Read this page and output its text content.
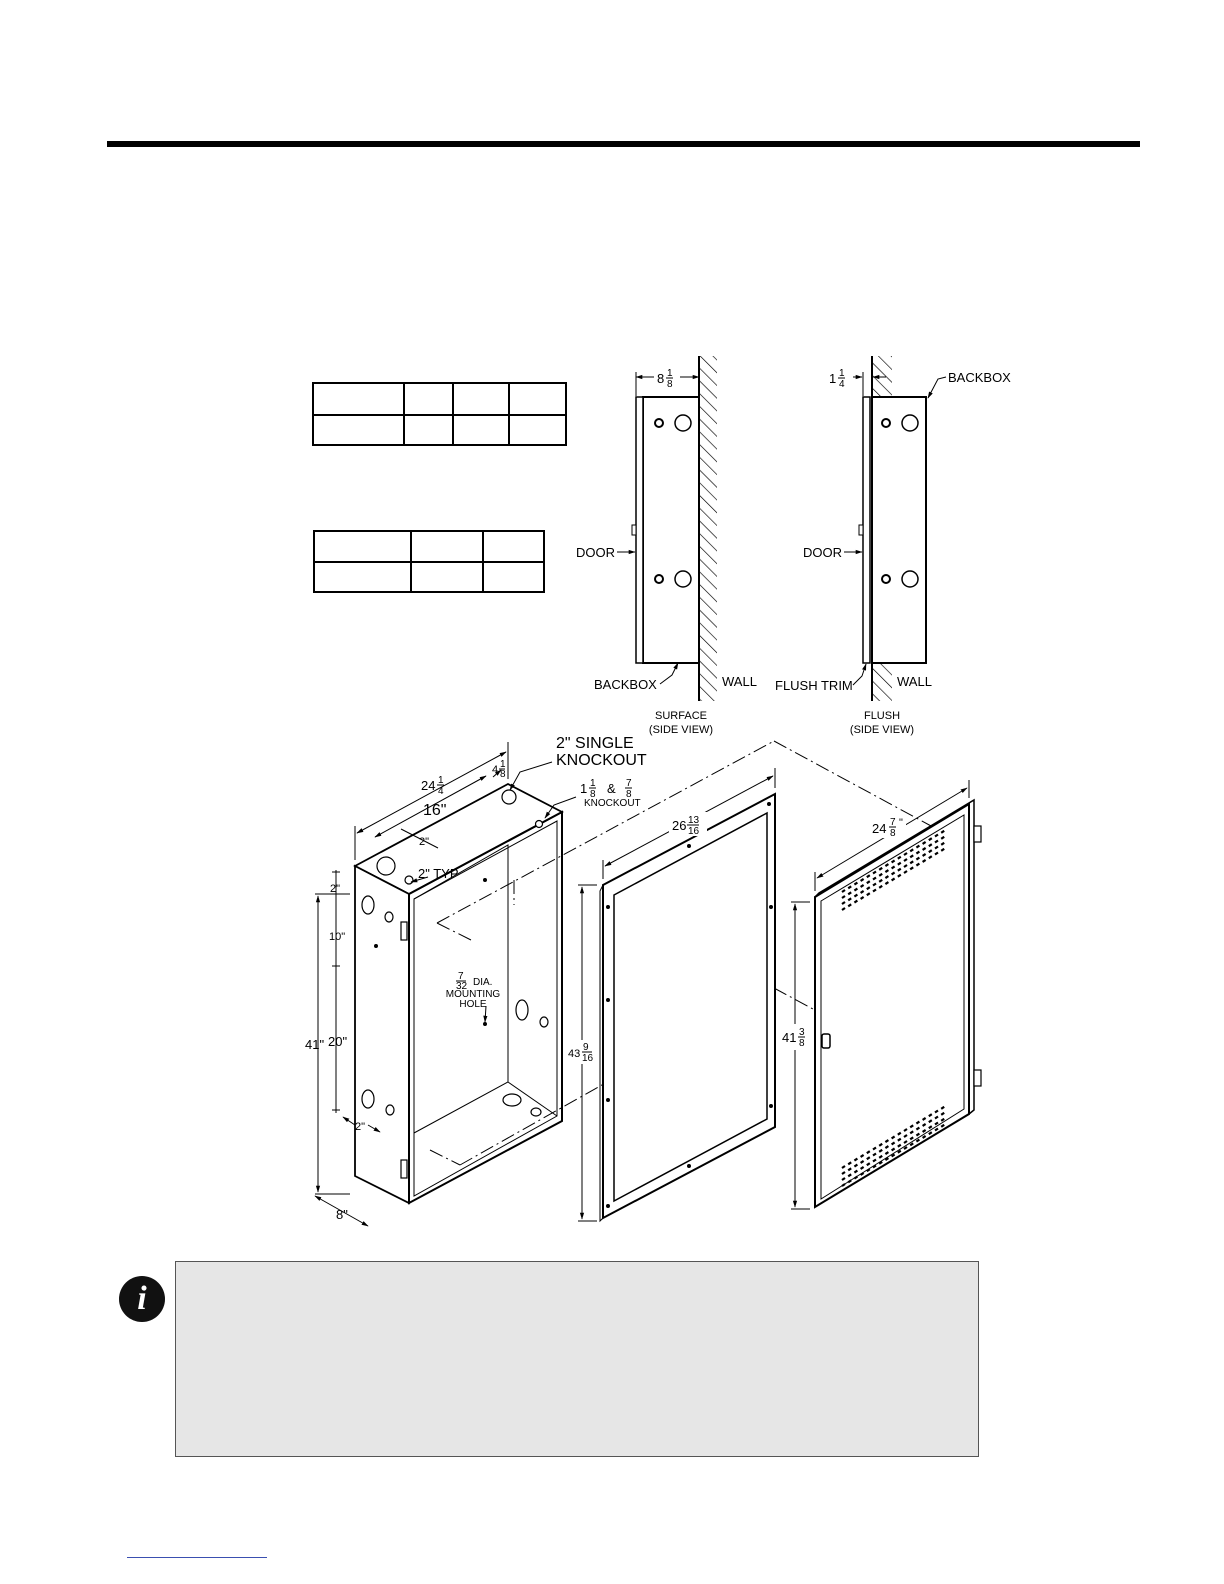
8 1
8
DOOR
BACKBOX	WALL
SURFACE
(SIDE VIEW)
1 1
4	BACKBOX
DOOR
FLUSH TRIM	WALL
FLUSH
(SIDE VIEW)
24 1
4
4 1
8
16"
2"
2" TYP
2" SINGLE
KNOCKOUT
1 1
8 & 7
8
KNOCKOUT
2"
10"
41" 20"
2"
8"
7
32 DIA.
MOUNTING
HOLE
26 13
16
43
9
16
24 7
8
"
41 3
8
i
